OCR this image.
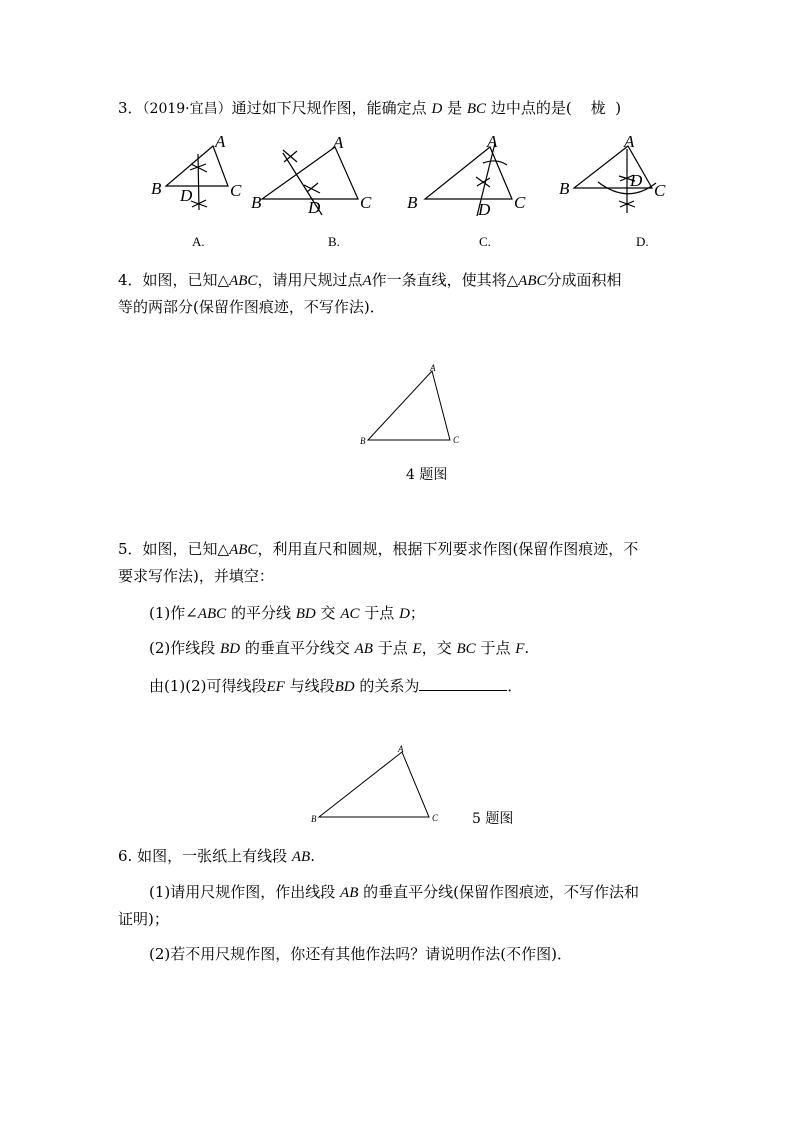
3．（2019·宜昌）通过如下尺规作图，能确定点 D 是 BC 边中点的是(    栊  )
A
B	C
D
A
B	C
D
A
B	C
D
A
B	C
D
A
B	C
A
B	C
A.	B.	C.	D.
4．如图，已知△ABC，请用尺规过点A作一条直线，使其将△ABC分成面积相
等的两部分(保留作图痕迹，不写作法)．
4 题图
5．如图，已知△ABC，利用直尺和圆规，根据下列要求作图(保留作图痕迹，不
要求写作法)，并填空：
(1)作∠ABC 的平分线 BD 交 AC 于点 D；
(2)作线段 BD 的垂直平分线交 AB 于点 E，交 BC 于点 F.
由(1)(2)可得线段EF 与线段BD 的关系为	．
5 题图
6. 如图，一张纸上有线段 AB.
(1)请用尺规作图，作出线段 AB 的垂直平分线(保留作图痕迹，不写作法和
证明)；
(2)若不用尺规作图，你还有其他作法吗？请说明作法(不作图)．
